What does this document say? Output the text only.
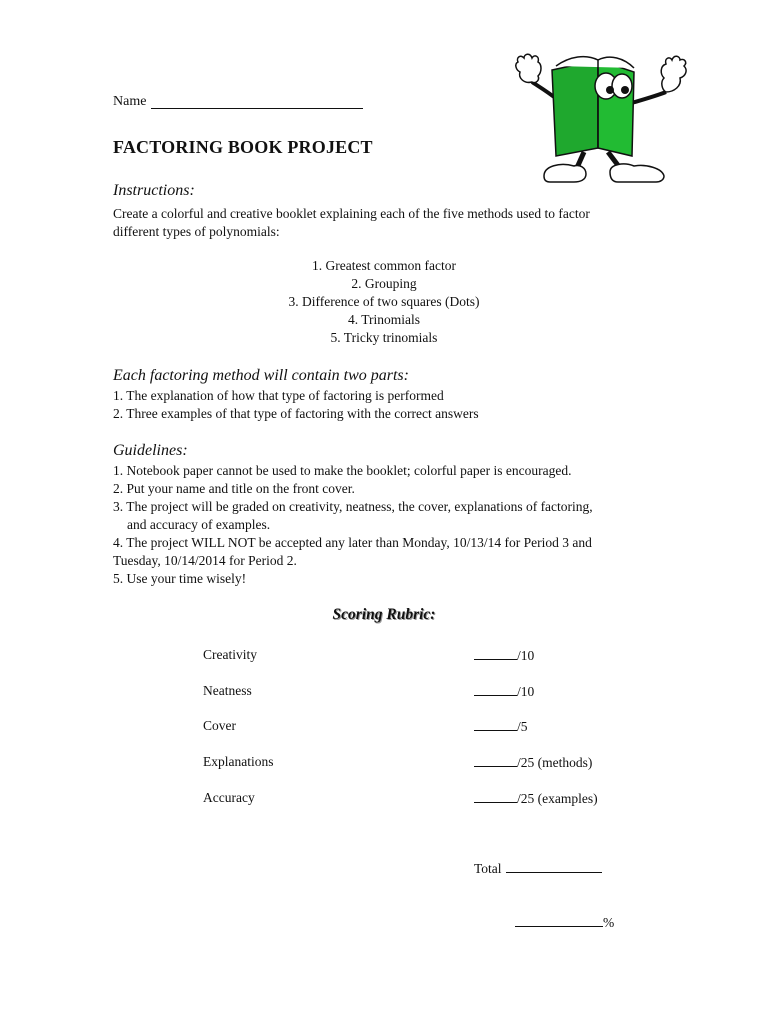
Name
FACTORING BOOK PROJECT
Instructions:
Create a colorful and creative booklet explaining each of the five methods used to factor
different types of polynomials:
1. Greatest common factor
2. Grouping
3. Difference of two squares (Dots)
4. Trinomials
5. Tricky trinomials
Each factoring method will contain two parts:
1. The explanation of how that type of factoring is performed
2. Three examples of that type of factoring with the correct answers
Guidelines:
1. Notebook paper cannot be used to make the booklet; colorful paper is encouraged.
2. Put your name and title on the front cover.
3. The project will be graded on creativity, neatness, the cover, explanations of factoring,
and accuracy of examples.
4. The project WILL NOT be accepted any later than Monday, 10/13/14 for Period 3 and
Tuesday, 10/14/2014 for Period 2.
5. Use your time wisely!
Scoring Rubric:
Creativity	/10
Neatness	/10
Cover	/5
Explanations	/25 (methods)
Accuracy	/25 (examples)
Total
%
